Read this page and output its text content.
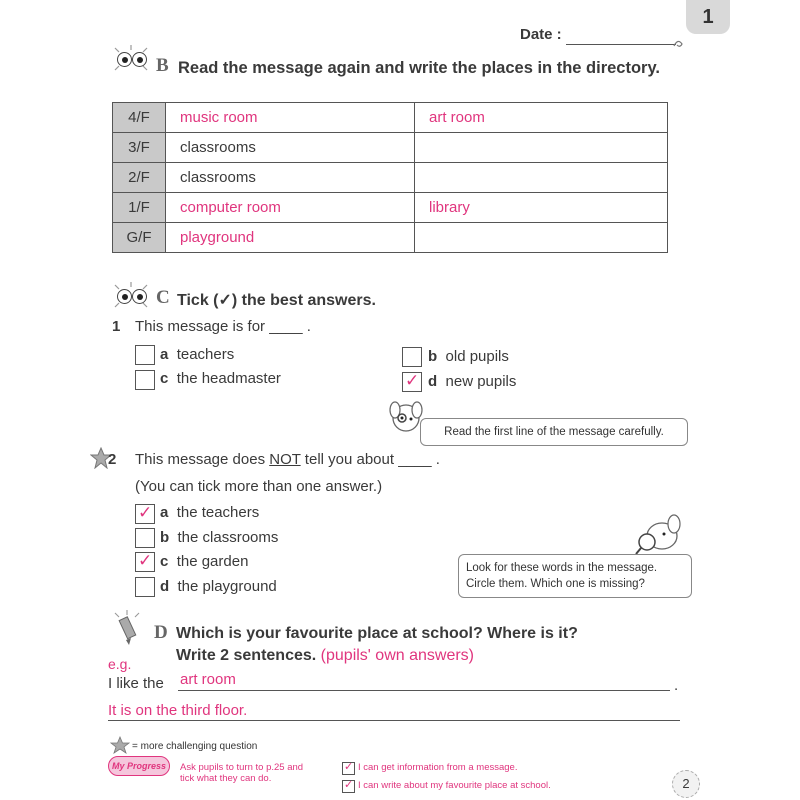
1
Date :
B Read the message again and write the places in the directory.
4/F	music room	art room
3/F	classrooms	
2/F	classrooms	
1/F	computer room	library
G/F	playground	
C Tick (✓) the best answers.
1 This message is for ____ .
a teachers	b old pupils
c the headmaster	✓ d new pupils
Read the first line of the message carefully.
2 This message does NOT tell you about ____ .
(You can tick more than one answer.)
✓ a the teachers
b the classrooms
✓ c the garden
d the playground
Look for these words in the message.
Circle them. Which one is missing?
D Which is your favourite place at school? Where is it?
Write 2 sentences. (pupils' own answers)
e.g.
I like the art room	.
It is on the third floor.
= more challenging question
My Progress	Ask pupils to turn to p.25 and
tick what they can do.
✓ I can get information from a message.
✓ I can write about my favourite place at school.	2
